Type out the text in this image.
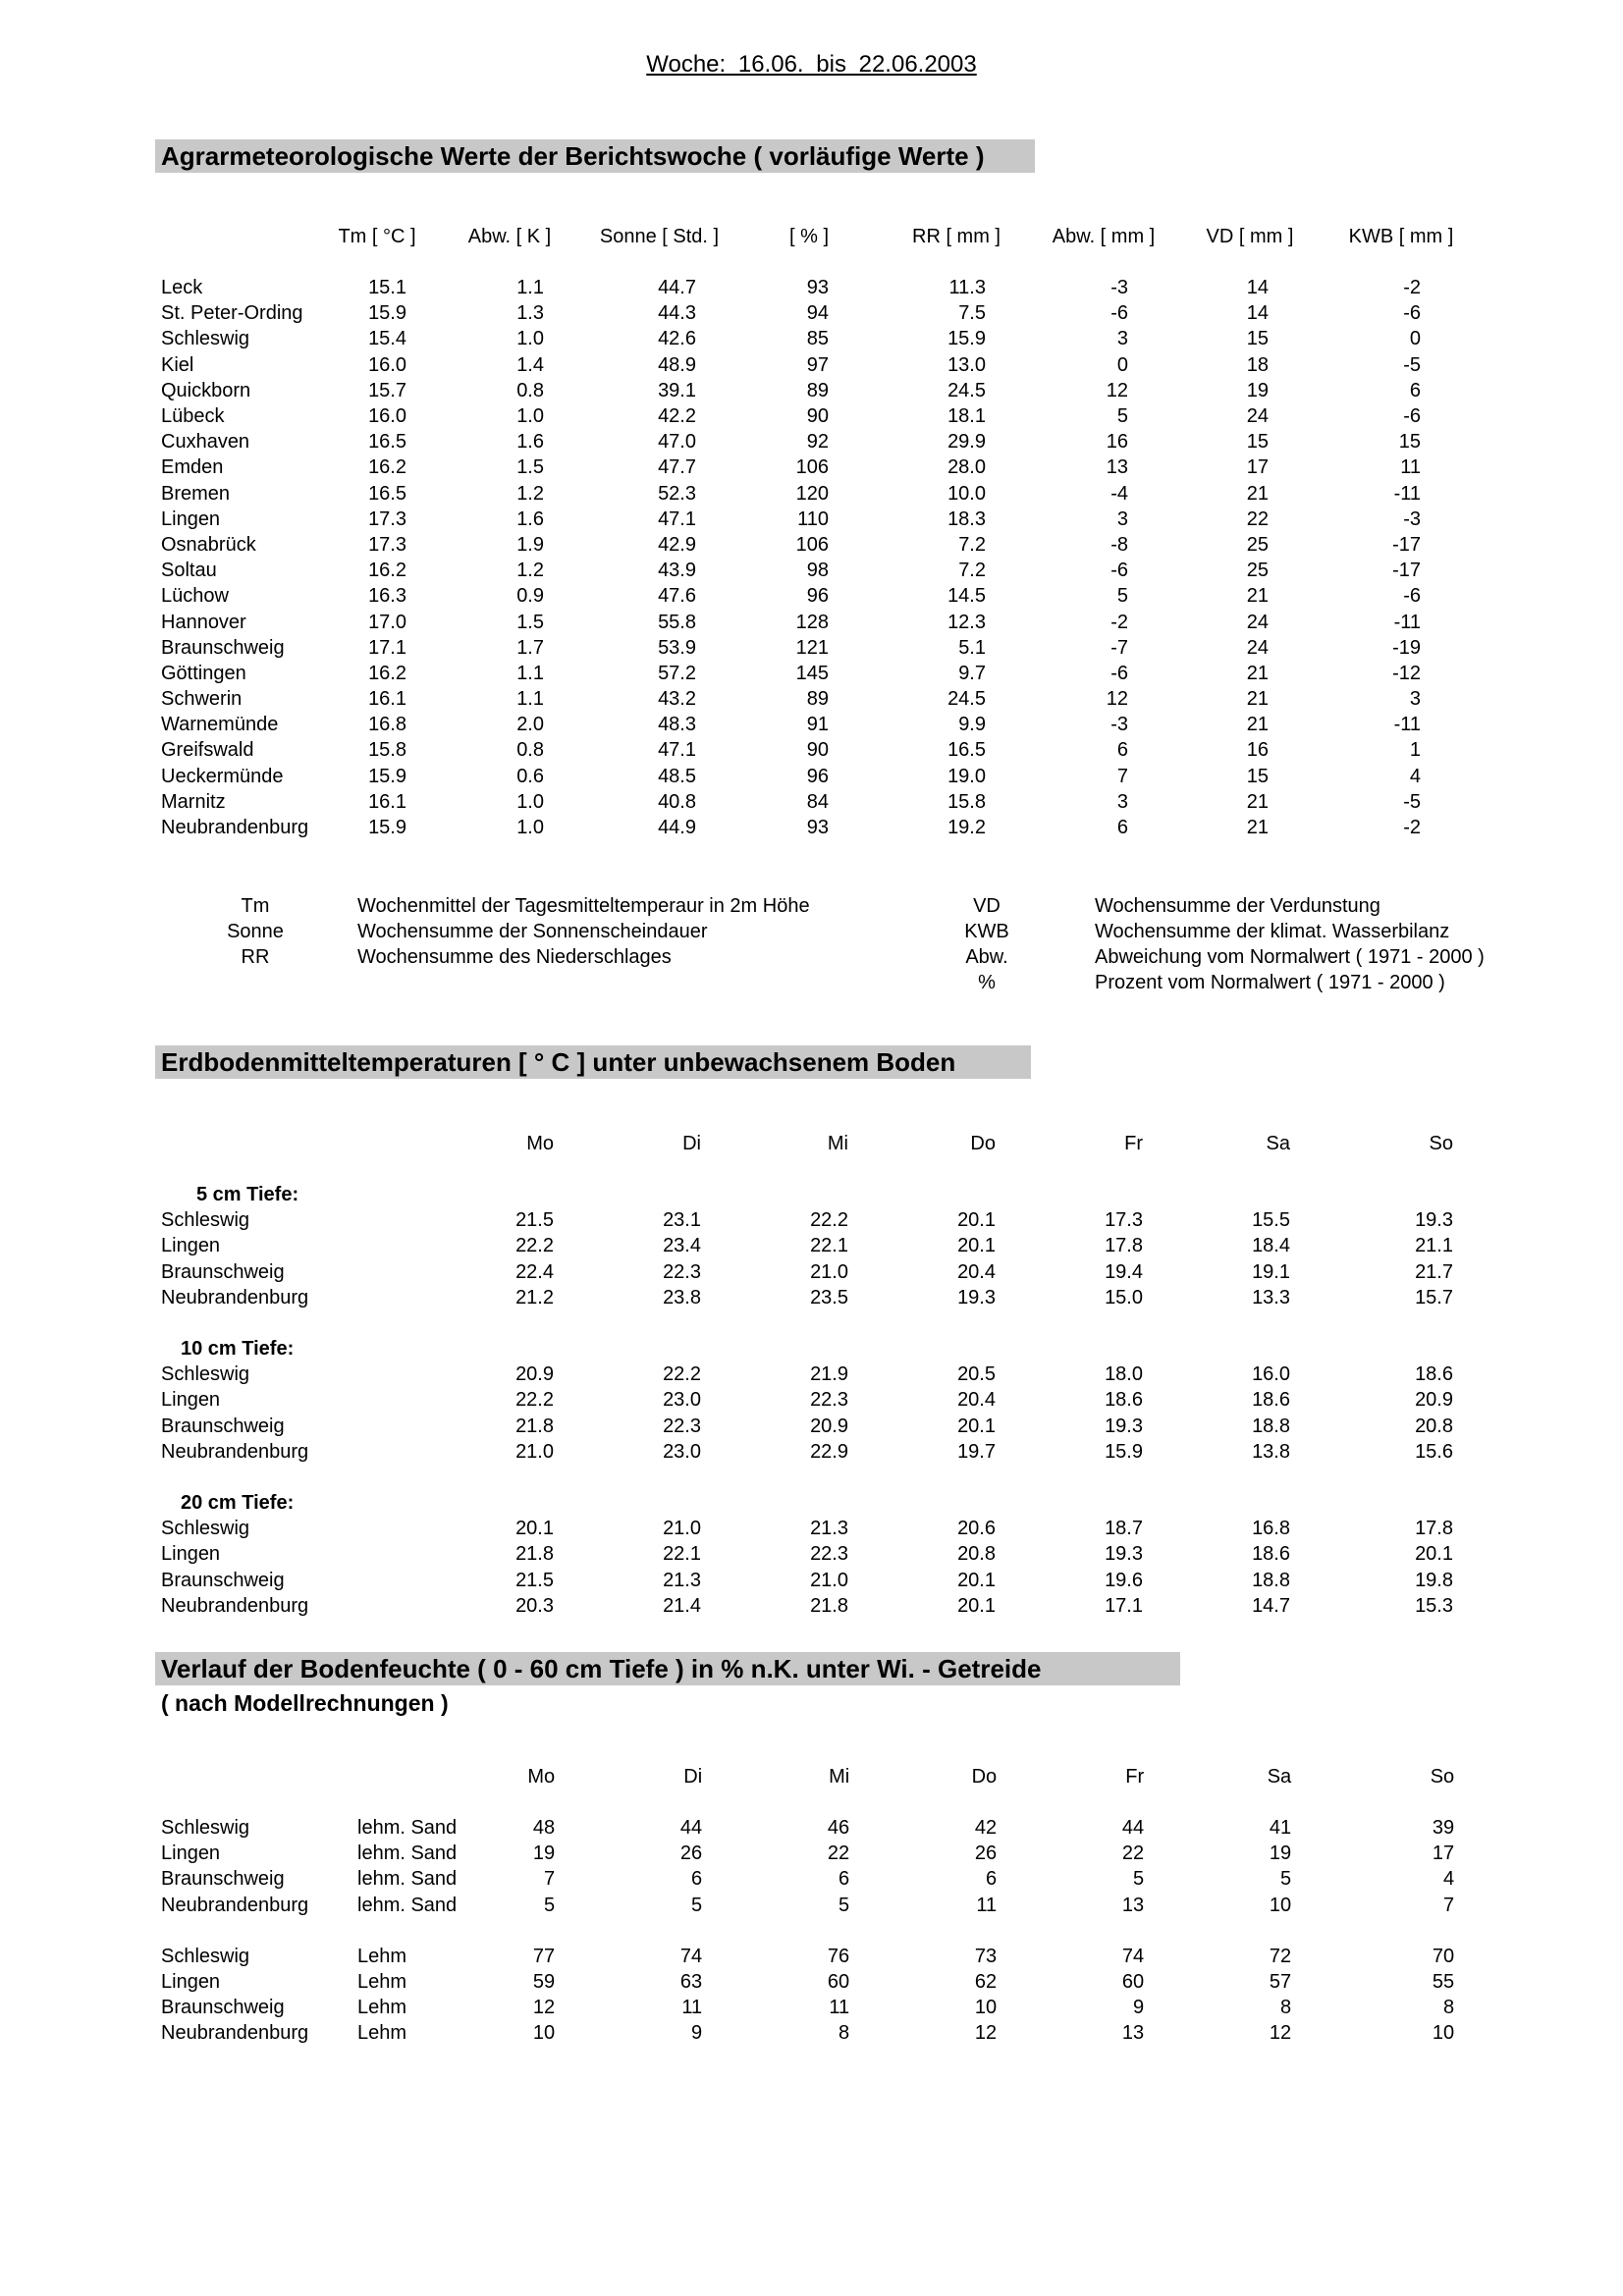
Woche: 16.06. bis 22.06.2003
Agrarmeteorologische Werte der Berichtswoche ( vorläufige Werte )
	Tm [ °C ]	Abw. [ K ]	Sonne [ Std. ]	[ % ]	RR [ mm ]	Abw. [ mm ]	VD [ mm ]	KWB [ mm ]

Leck	15.1	1.1	44.7	93	11.3	-3	14	-2
St. Peter-Ording	15.9	1.3	44.3	94	7.5	-6	14	-6
Schleswig	15.4	1.0	42.6	85	15.9	3	15	0
Kiel	16.0	1.4	48.9	97	13.0	0	18	-5
Quickborn	15.7	0.8	39.1	89	24.5	12	19	6
Lübeck	16.0	1.0	42.2	90	18.1	5	24	-6
Cuxhaven	16.5	1.6	47.0	92	29.9	16	15	15
Emden	16.2	1.5	47.7	106	28.0	13	17	11
Bremen	16.5	1.2	52.3	120	10.0	-4	21	-11
Lingen	17.3	1.6	47.1	110	18.3	3	22	-3
Osnabrück	17.3	1.9	42.9	106	7.2	-8	25	-17
Soltau	16.2	1.2	43.9	98	7.2	-6	25	-17
Lüchow	16.3	0.9	47.6	96	14.5	5	21	-6
Hannover	17.0	1.5	55.8	128	12.3	-2	24	-11
Braunschweig	17.1	1.7	53.9	121	5.1	-7	24	-19
Göttingen	16.2	1.1	57.2	145	9.7	-6	21	-12
Schwerin	16.1	1.1	43.2	89	24.5	12	21	3
Warnemünde	16.8	2.0	48.3	91	9.9	-3	21	-11
Greifswald	15.8	0.8	47.1	90	16.5	6	16	1
Ueckermünde	15.9	0.6	48.5	96	19.0	7	15	4
Marnitz	16.1	1.0	40.8	84	15.8	3	21	-5
Neubrandenburg	15.9	1.0	44.9	93	19.2	6	21	-2
Tm	Wochenmittel der Tagesmitteltemperaur in 2m Höhe
Sonne	Wochensumme der Sonnenscheindauer
RR	Wochensumme des Niederschlages
VD	Wochensumme der Verdunstung
KWB	Wochensumme der klimat. Wasserbilanz
Abw.	Abweichung vom Normalwert ( 1971 - 2000 )
%	Prozent vom Normalwert ( 1971 - 2000 )
Erdbodenmitteltemperaturen [ ° C ] unter unbewachsenem Boden
	Mo	Di	Mi	Do	Fr	Sa	So

5 cm Tiefe:							
Schleswig	21.5	23.1	22.2	20.1	17.3	15.5	19.3
Lingen	22.2	23.4	22.1	20.1	17.8	18.4	21.1
Braunschweig	22.4	22.3	21.0	20.4	19.4	19.1	21.7
Neubrandenburg	21.2	23.8	23.5	19.3	15.0	13.3	15.7

10 cm Tiefe:							
Schleswig	20.9	22.2	21.9	20.5	18.0	16.0	18.6
Lingen	22.2	23.0	22.3	20.4	18.6	18.6	20.9
Braunschweig	21.8	22.3	20.9	20.1	19.3	18.8	20.8
Neubrandenburg	21.0	23.0	22.9	19.7	15.9	13.8	15.6

20 cm Tiefe:							
Schleswig	20.1	21.0	21.3	20.6	18.7	16.8	17.8
Lingen	21.8	22.1	22.3	20.8	19.3	18.6	20.1
Braunschweig	21.5	21.3	21.0	20.1	19.6	18.8	19.8
Neubrandenburg	20.3	21.4	21.8	20.1	17.1	14.7	15.3
Verlauf der Bodenfeuchte ( 0 - 60 cm Tiefe ) in % n.K. unter Wi. - Getreide
( nach Modellrechnungen )
		Mo	Di	Mi	Do	Fr	Sa	So

Schleswig	lehm. Sand	48	44	46	42	44	41	39
Lingen	lehm. Sand	19	26	22	26	22	19	17
Braunschweig	lehm. Sand	7	6	6	6	5	5	4
Neubrandenburg	lehm. Sand	5	5	5	11	13	10	7

Schleswig	Lehm	77	74	76	73	74	72	70
Lingen	Lehm	59	63	60	62	60	57	55
Braunschweig	Lehm	12	11	11	10	9	8	8
Neubrandenburg	Lehm	10	9	8	12	13	12	10
